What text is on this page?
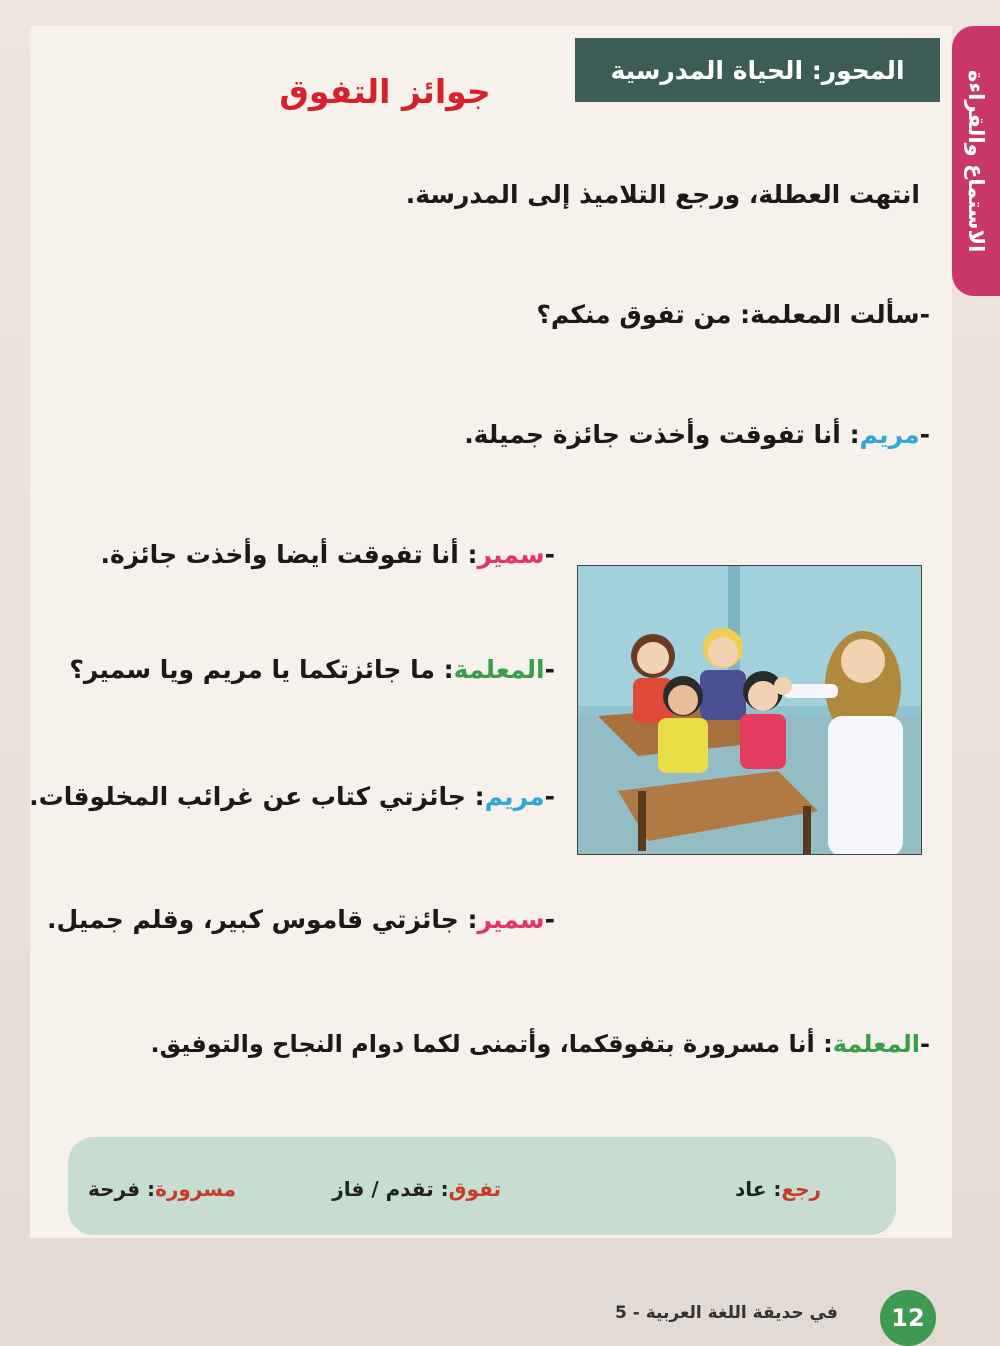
الاستماع والقراءة
المحور: الحياة المدرسية
جوائز التفوق
انتهت العطلة، ورجع التلاميذ إلى المدرسة.
-سألت المعلمة: من تفوق منكم؟
-مريم: أنا تفوقت وأخذت جائزة جميلة.
-سمير: أنا تفوقت أيضا وأخذت جائزة.
-المعلمة: ما جائزتكما يا مريم ويا سمير؟
-مريم: جائزتي كتاب عن غرائب المخلوقات.
-سمير: جائزتي قاموس كبير، وقلم جميل.
-المعلمة: أنا مسرورة بتفوقكما، وأتمنى لكما دوام النجاح والتوفيق.
رجع: عاد
تفوق: تقدم / فاز
مسرورة: فرحة
في حديقة اللغة العربية - 5	12
